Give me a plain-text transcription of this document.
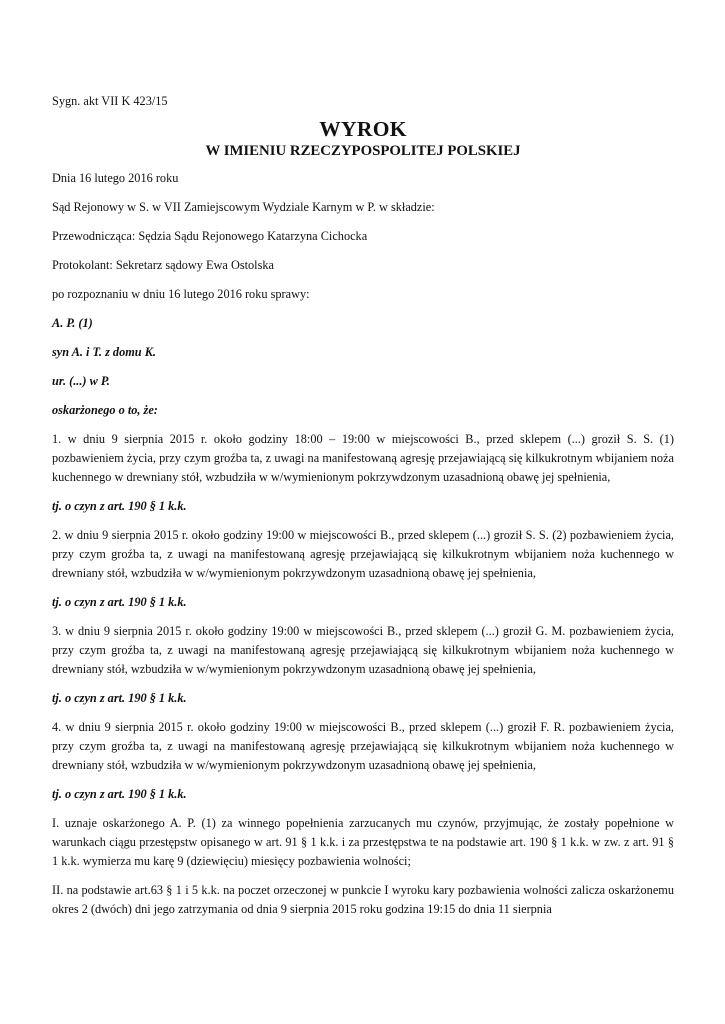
Sygn. akt VII K 423/15

WYROK
W IMIENIU RZECZYPOSPOLITEJ POLSKIEJ

Dnia 16 lutego 2016 roku

Sąd Rejonowy w S. w VII Zamiejscowym Wydziale Karnym w P. w składzie:

Przewodnicząca: Sędzia Sądu Rejonowego Katarzyna Cichocka

Protokolant: Sekretarz sądowy Ewa Ostolska

po rozpoznaniu w dniu 16 lutego 2016 roku sprawy:

A. P. (1)

syn A. i T. z domu K.

ur. (...) w P.

oskarżonego o to, że:

1. w dniu 9 sierpnia 2015 r. około godziny 18:00 – 19:00 w miejscowości B., przed sklepem (...) groził S. S. (1) pozbawieniem życia, przy czym groźba ta, z uwagi na manifestowaną agresję przejawiającą się kilkukrotnym wbijaniem noża kuchennego w drewniany stół, wzbudziła w w/wymienionym pokrzywdzonym uzasadnioną obawę jej spełnienia,

tj. o czyn z art. 190 § 1 k.k.

2. w dniu 9 sierpnia 2015 r. około godziny 19:00 w miejscowości B., przed sklepem (...) groził S. S. (2) pozbawieniem życia, przy czym groźba ta, z uwagi na manifestowaną agresję przejawiającą się kilkukrotnym wbijaniem noża kuchennego w drewniany stół, wzbudziła w w/wymienionym pokrzywdzonym uzasadnioną obawę jej spełnienia,

tj. o czyn z art. 190 § 1 k.k.

3. w dniu 9 sierpnia 2015 r. około godziny 19:00 w miejscowości B., przed sklepem (...) groził G. M. pozbawieniem życia, przy czym groźba ta, z uwagi na manifestowaną agresję przejawiającą się kilkukrotnym wbijaniem noża kuchennego w drewniany stół, wzbudziła w w/wymienionym pokrzywdzonym uzasadnioną obawę jej spełnienia,

tj. o czyn z art. 190 § 1 k.k.

4. w dniu 9 sierpnia 2015 r. około godziny 19:00 w miejscowości B., przed sklepem (...) groził F. R. pozbawieniem życia, przy czym groźba ta, z uwagi na manifestowaną agresję przejawiającą się kilkukrotnym wbijaniem noża kuchennego w drewniany stół, wzbudziła w w/wymienionym pokrzywdzonym uzasadnioną obawę jej spełnienia,

tj. o czyn z art. 190 § 1 k.k.

I. uznaje oskarżonego A. P. (1) za winnego popełnienia zarzucanych mu czynów, przyjmując, że zostały popełnione w warunkach ciągu przestępstw opisanego w art. 91 § 1 k.k. i za przestępstwa te na podstawie art. 190 § 1 k.k. w zw. z art. 91 § 1 k.k. wymierza mu karę 9 (dziewięciu) miesięcy pozbawienia wolności;

II. na podstawie art.63 § 1 i 5 k.k. na poczet orzeczonej w punkcie I wyroku kary pozbawienia wolności zalicza oskarżonemu okres 2 (dwóch) dni jego zatrzymania od dnia 9 sierpnia 2015 roku godzina 19:15 do dnia 11 sierpnia
